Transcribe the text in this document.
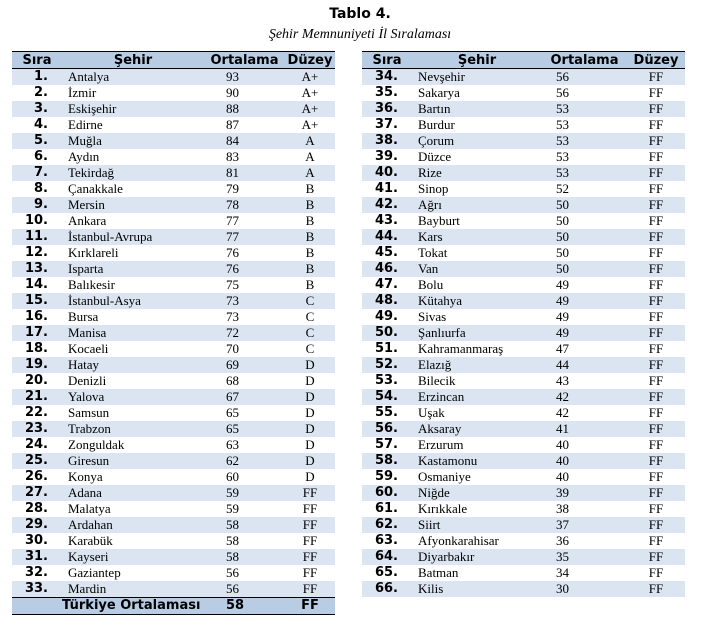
Tablo 4.
Şehir Memnuniyeti İl Sıralaması
Sıra	Şehir	Ortalama	Düzey
1.	Antalya	93	A+
2.	İzmir	90	A+
3.	Eskişehir	88	A+
4.	Edirne	87	A+
5.	Muğla	84	A
6.	Aydın	83	A
7.	Tekirdağ	81	A
8.	Çanakkale	79	B
9.	Mersin	78	B
10.	Ankara	77	B
11.	İstanbul-Avrupa	77	B
12.	Kırklareli	76	B
13.	Isparta	76	B
14.	Balıkesir	75	B
15.	İstanbul-Asya	73	C
16.	Bursa	73	C
17.	Manisa	72	C
18.	Kocaeli	70	C
19.	Hatay	69	D
20.	Denizli	68	D
21.	Yalova	67	D
22.	Samsun	65	D
23.	Trabzon	65	D
24.	Zonguldak	63	D
25.	Giresun	62	D
26.	Konya	60	D
27.	Adana	59	FF
28.	Malatya	59	FF
29.	Ardahan	58	FF
30.	Karabük	58	FF
31.	Kayseri	58	FF
32.	Gaziantep	56	FF
33.	Mardin	56	FF
Türkiye Ortalaması		58	FF
Sıra	Şehir	Ortalama	Düzey
34.	Nevşehir	56	FF
35.	Sakarya	56	FF
36.	Bartın	53	FF
37.	Burdur	53	FF
38.	Çorum	53	FF
39.	Düzce	53	FF
40.	Rize	53	FF
41.	Sinop	52	FF
42.	Ağrı	50	FF
43.	Bayburt	50	FF
44.	Kars	50	FF
45.	Tokat	50	FF
46.	Van	50	FF
47.	Bolu	49	FF
48.	Kütahya	49	FF
49.	Sivas	49	FF
50.	Şanlıurfa	49	FF
51.	Kahramanmaraş	47	FF
52.	Elazığ	44	FF
53.	Bilecik	43	FF
54.	Erzincan	42	FF
55.	Uşak	42	FF
56.	Aksaray	41	FF
57.	Erzurum	40	FF
58.	Kastamonu	40	FF
59.	Osmaniye	40	FF
60.	Niğde	39	FF
61.	Kırıkkale	38	FF
62.	Siirt	37	FF
63.	Afyonkarahisar	36	FF
64.	Diyarbakır	35	FF
65.	Batman	34	FF
66.	Kilis	30	FF
